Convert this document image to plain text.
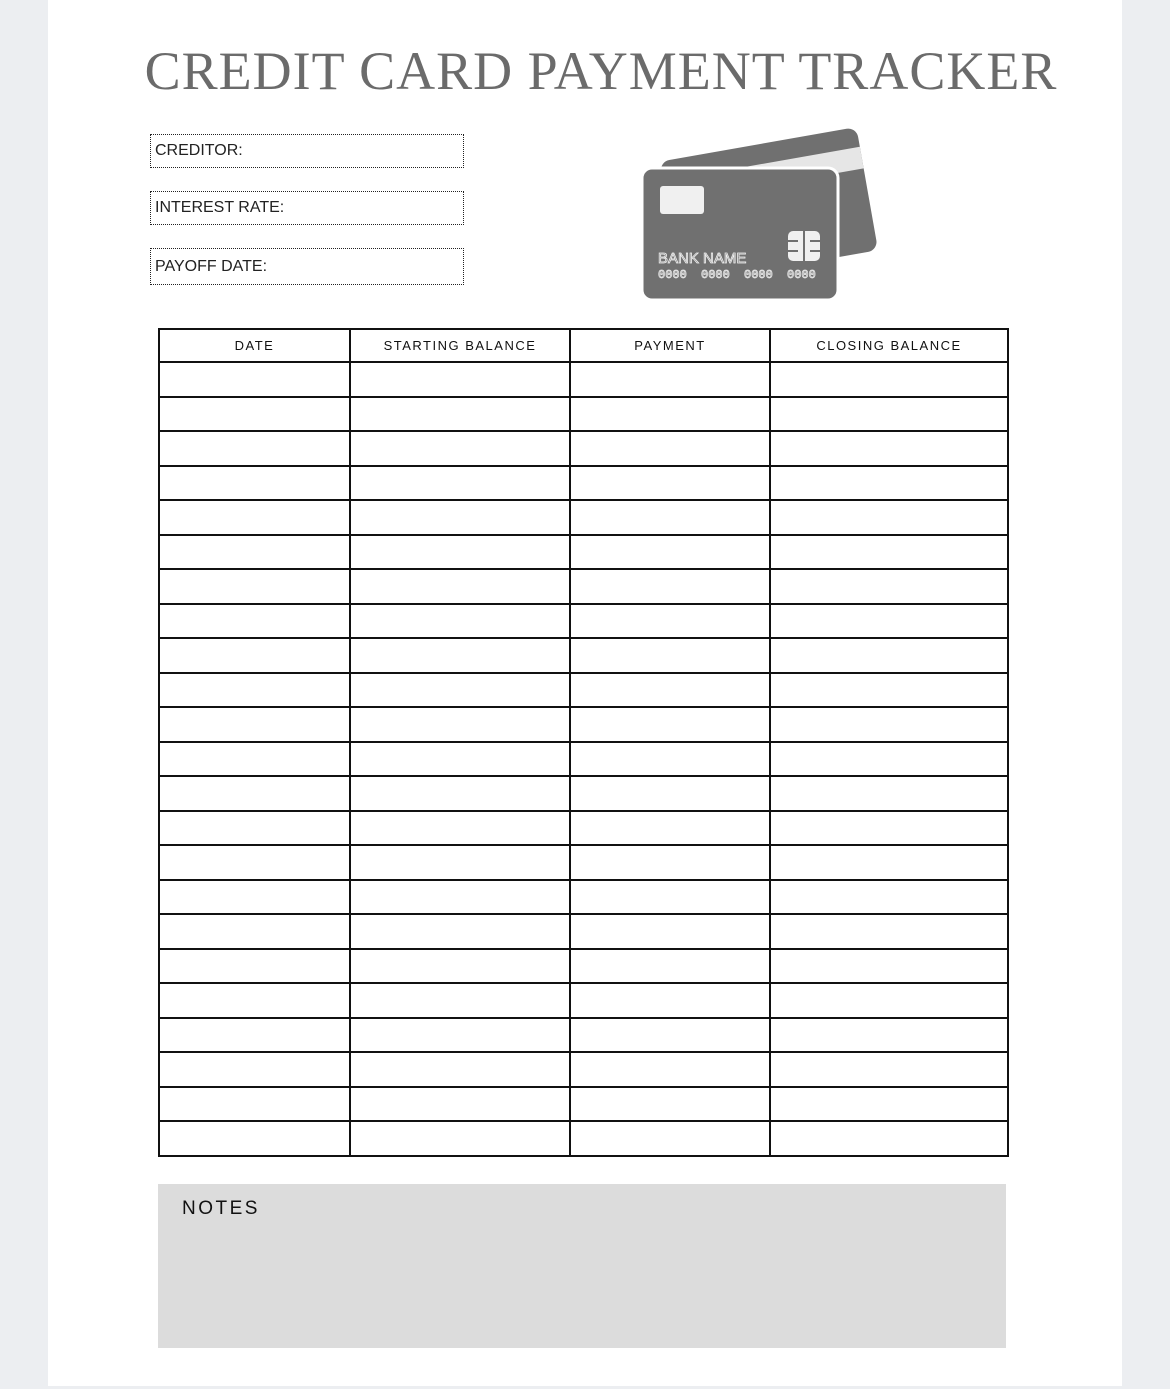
CREDIT CARD PAYMENT TRACKER
CREDITOR:
INTEREST RATE:
PAYOFF DATE:	BANK NAME
0000 0000 0000 0000
DATE	STARTING BALANCE	PAYMENT	CLOSING BALANCE

NOTES
